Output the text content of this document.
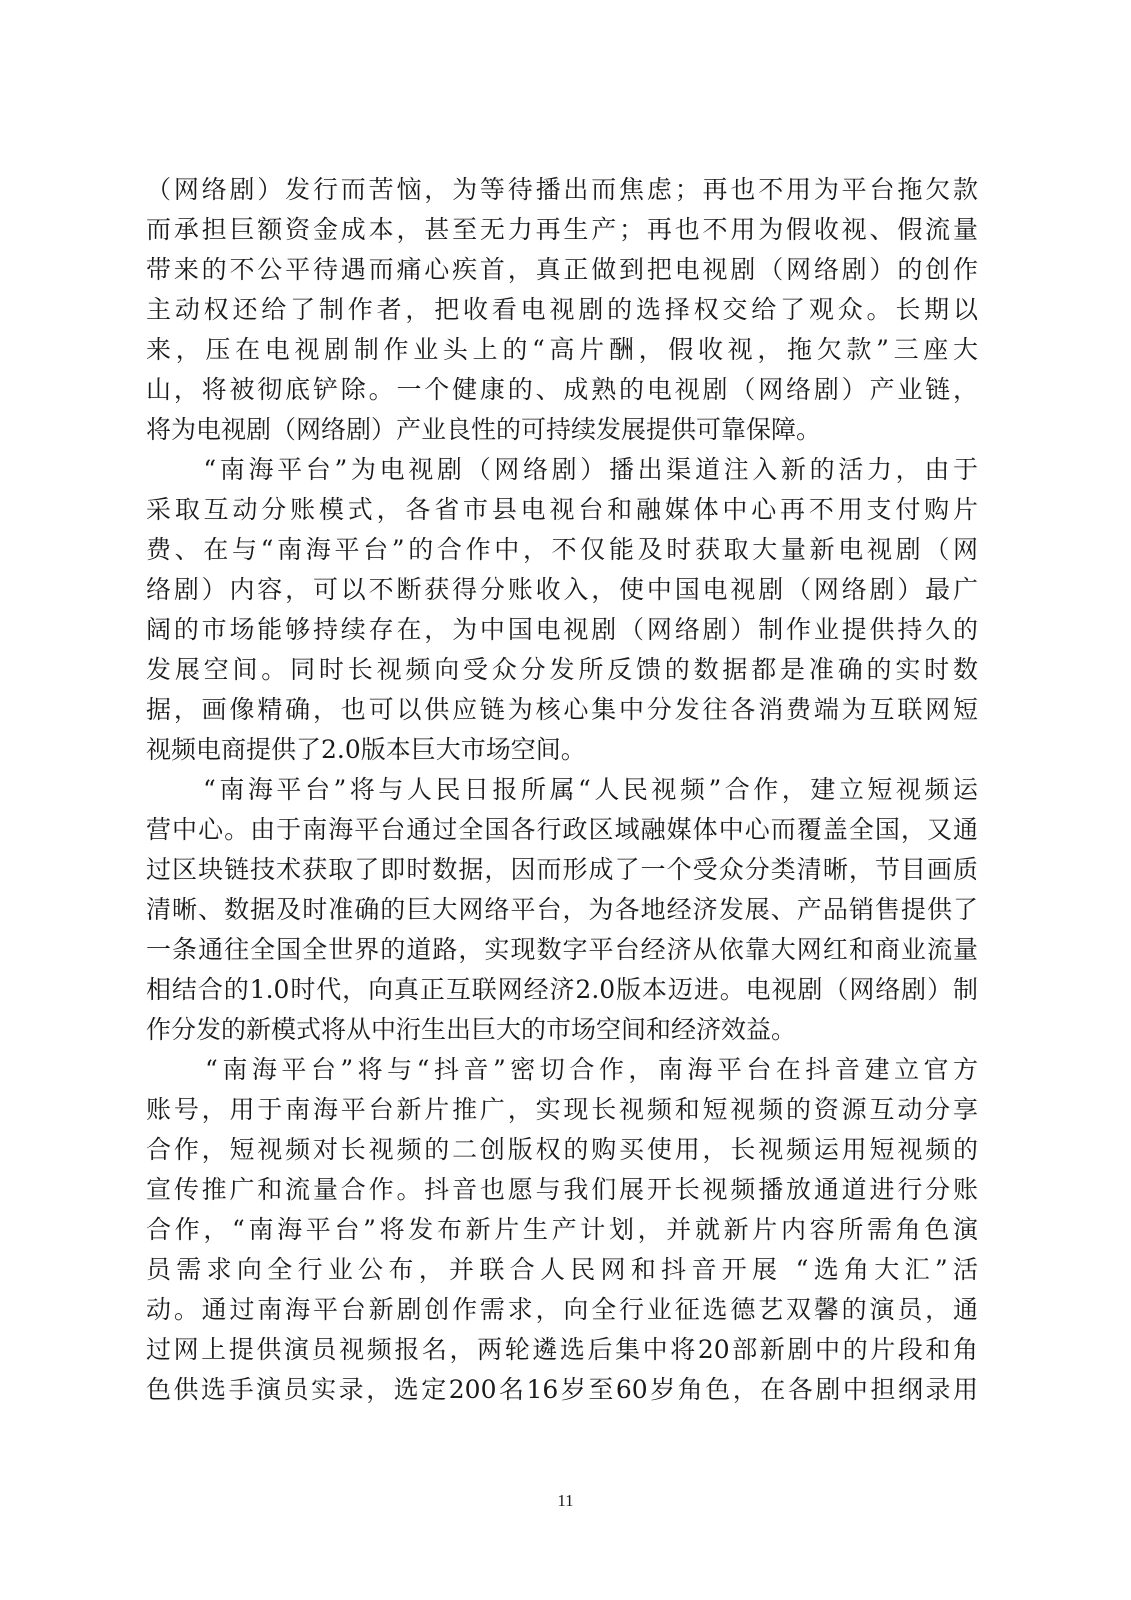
（网络剧）发行而苦恼，为等待播出而焦虑；再也不用为平台拖欠款
而承担巨额资金成本，甚至无力再生产；再也不用为假收视、假流量
带来的不公平待遇而痛心疾首，真正做到把电视剧（网络剧）的创作
主动权还给了制作者，把收看电视剧的选择权交给了观众。长期以
来，压在电视剧制作业头上的“高片酬，假收视，拖欠款”三座大
山，将被彻底铲除。一个健康的、成熟的电视剧（网络剧）产业链，
将为电视剧（网络剧）产业良性的可持续发展提供可靠保障。
　　“南海平台”为电视剧（网络剧）播出渠道注入新的活力，由于
采取互动分账模式，各省市县电视台和融媒体中心再不用支付购片
费、在与“南海平台”的合作中，不仅能及时获取大量新电视剧（网
络剧）内容，可以不断获得分账收入，使中国电视剧（网络剧）最广
阔的市场能够持续存在，为中国电视剧（网络剧）制作业提供持久的
发展空间。同时长视频向受众分发所反馈的数据都是准确的实时数
据，画像精确，也可以供应链为核心集中分发往各消费端为互联网短
视频电商提供了2.0版本巨大市场空间。
　　“南海平台”将与人民日报所属“人民视频”合作，建立短视频运
营中心。由于南海平台通过全国各行政区域融媒体中心而覆盖全国，又通
过区块链技术获取了即时数据，因而形成了一个受众分类清晰，节目画质
清晰、数据及时准确的巨大网络平台，为各地经济发展、产品销售提供了
一条通往全国全世界的道路，实现数字平台经济从依靠大网红和商业流量
相结合的1.0时代，向真正互联网经济2.0版本迈进。电视剧（网络剧）制
作分发的新模式将从中洐生出巨大的市场空间和经济效益。
　　“南海平台”将与“抖音”密切合作，南海平台在抖音建立官方
账号，用于南海平台新片推广，实现长视频和短视频的资源互动分享
合作，短视频对长视频的二创版权的购买使用，长视频运用短视频的
宣传推广和流量合作。抖音也愿与我们展开长视频播放通道进行分账
合作，“南海平台”将发布新片生产计划，并就新片内容所需角色演
员需求向全行业公布，并联合人民网和抖音开展 “选角大汇”活
动。通过南海平台新剧创作需求，向全行业征选德艺双馨的演员，通
过网上提供演员视频报名，两轮遴选后集中将20部新剧中的片段和角
色供选手演员实录，选定200名16岁至60岁角色，在各剧中担纲录用
11
